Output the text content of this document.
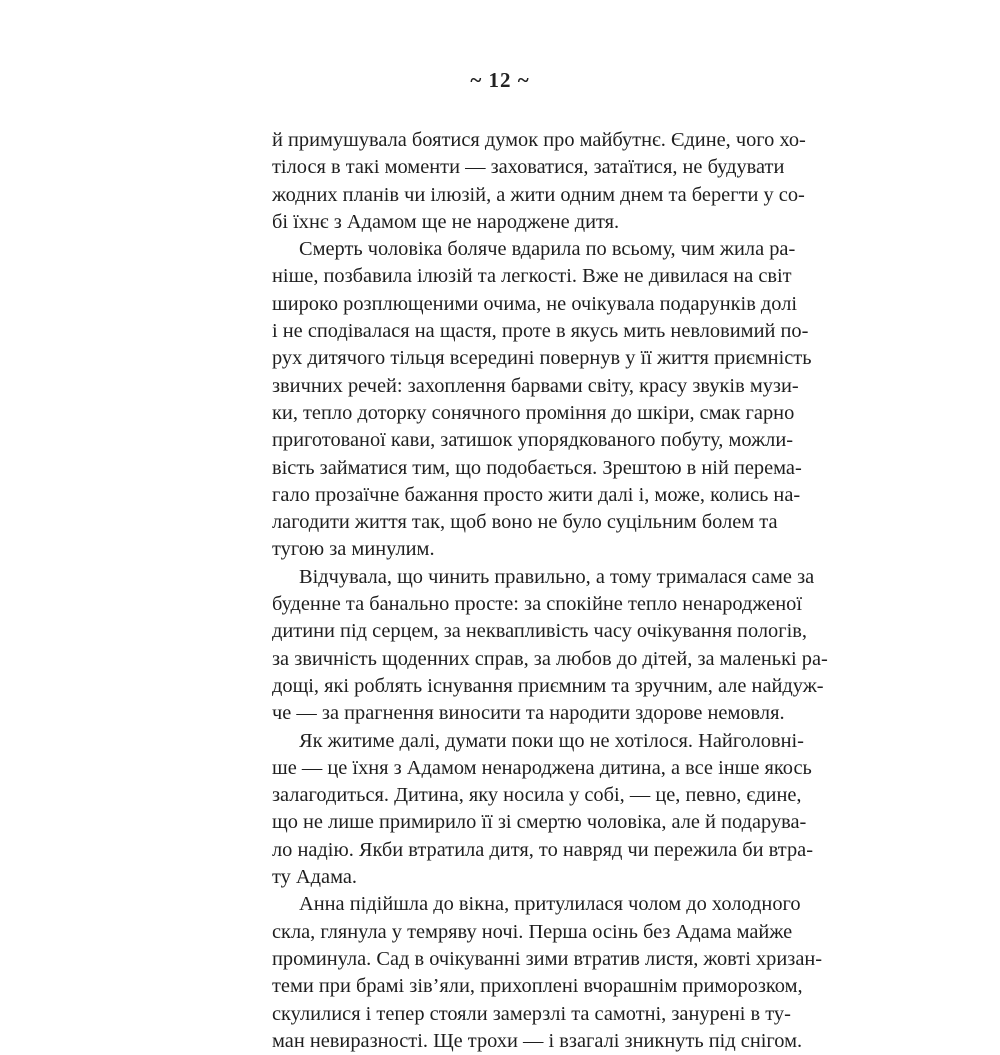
~ 12 ~
й примушувала боятися думок про майбутнє. Єдине, чого хо-
тілося в такі моменти — заховатися, затаїтися, не будувати
жодних планів чи ілюзій, а жити одним днем та берегти у со-
бі їхнє з Адамом ще не народжене дитя.
Смерть чоловіка боляче вдарила по всьому, чим жила ра-
ніше, позбавила ілюзій та легкості. Вже не дивилася на світ
широко розплющеними очима, не очікувала подарунків долі
і не сподівалася на щастя, проте в якусь мить невловимий по-
рух дитячого тільця всередині повернув у її життя приємність
звичних речей: захоплення барвами світу, красу звуків музи-
ки, тепло доторку сонячного проміння до шкіри, смак гарно
приготованої кави, затишок упорядкованого побуту, можли-
вість займатися тим, що подобається. Зрештою в ній перема-
гало прозаїчне бажання просто жити далі і, може, колись на-
лагодити життя так, щоб воно не було суцільним болем та
тугою за минулим.
Відчувала, що чинить правильно, а тому трималася саме за
буденне та банально просте: за спокійне тепло ненародженої
дитини під серцем, за неквапливість часу очікування пологів,
за звичність щоденних справ, за любов до дітей, за маленькі ра-
дощі, які роблять існування приємним та зручним, але найдуж-
че — за прагнення виносити та народити здорове немовля.
Як житиме далі, думати поки що не хотілося. Найголовні-
ше — це їхня з Адамом ненароджена дитина, а все інше якось
залагодиться. Дитина, яку носила у собі, — це, певно, єдине,
що не лише примирило її зі смертю чоловіка, але й подарува-
ло надію. Якби втратила дитя, то навряд чи пережила би втра-
ту Адама.
Анна підійшла до вікна, притулилася чолом до холодного
скла, глянула у темряву ночі. Перша осінь без Адама майже
проминула. Сад в очікуванні зими втратив листя, жовті хризан-
теми при брамі зів’яли, прихоплені вчорашнім приморозком,
скулилися і тепер стояли замерзлі та самотні, занурені в ту-
ман невиразності. Ще трохи — і взагалі зникнуть під снігом.
